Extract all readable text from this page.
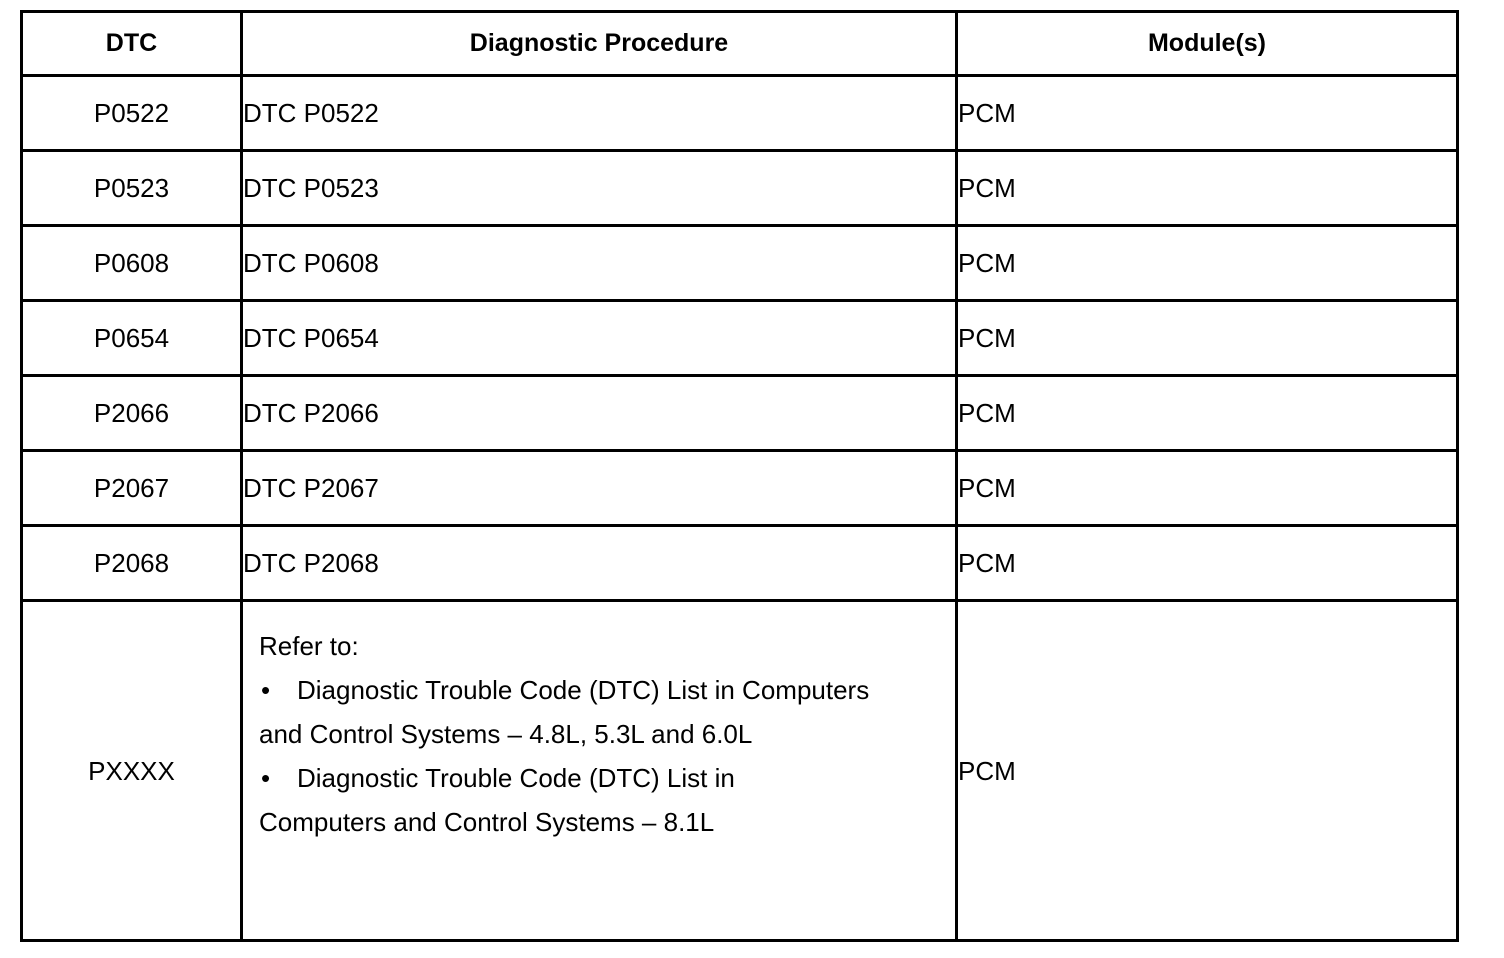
DTC	Diagnostic Procedure	Module(s)
P0522	DTC P0522	PCM
P0523	DTC P0523	PCM
P0608	DTC P0608	PCM
P0654	DTC P0654	PCM
P2066	DTC P2066	PCM
P2067	DTC P2067	PCM
P2068	DTC P2068	PCM
PXXXX	Refer to:
• Diagnostic Trouble Code (DTC) List in Computers
and Control Systems – 4.8L, 5.3L and 6.0L
• Diagnostic Trouble Code (DTC) List in
Computers and Control Systems – 8.1L	PCM
